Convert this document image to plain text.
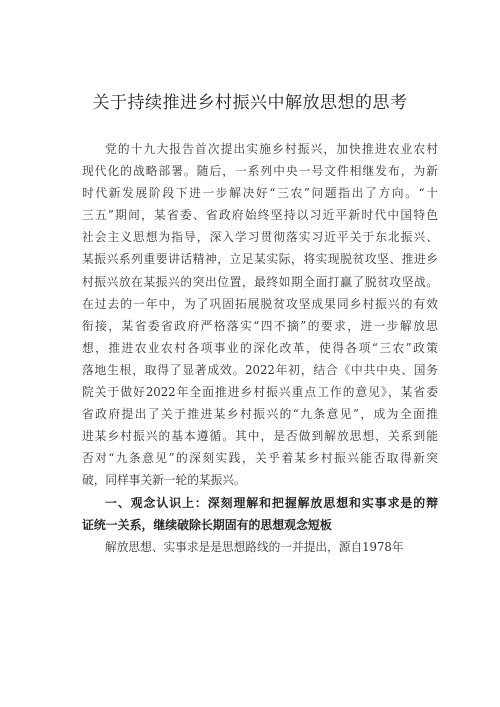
关于持续推进乡村振兴中解放思想的思考
党的十九大报告首次提出实施乡村振兴，加快推进农业农村
现代化的战略部署。随后，一系列中央一号文件相继发布，为新
时代新发展阶段下进一步解决好“三农”问题指出了方向。“十
三五”期间，某省委、省政府始终坚持以习近平新时代中国特色
社会主义思想为指导，深入学习贯彻落实习近平关于东北振兴、
某振兴系列重要讲话精神，立足某实际，将实现脱贫攻坚、推进乡
村振兴放在某振兴的突出位置，最终如期全面打赢了脱贫攻坚战。
在过去的一年中，为了巩固拓展脱贫攻坚成果同乡村振兴的有效
衔接，某省委省政府严格落实“四不摘”的要求，进一步解放思
想，推进农业农村各项事业的深化改革，使得各项“三农”政策
落地生根，取得了显著成效。2022年初，结合《中共中央、国务
院关于做好2022年全面推进乡村振兴重点工作的意见》，某省委
省政府提出了关于推进某乡村振兴的“九条意见”，成为全面推
进某乡村振兴的基本遵循。其中，是否做到解放思想，关系到能
否对“九条意见”的深刻实践，关乎着某乡村振兴能否取得新突
破，同样事关新一轮的某振兴。
一、观念认识上：深刻理解和把握解放思想和实事求是的辩
证统一关系，继续破除长期固有的思想观念短板
解放思想、实事求是是思想路线的一并提出，源自1978年
